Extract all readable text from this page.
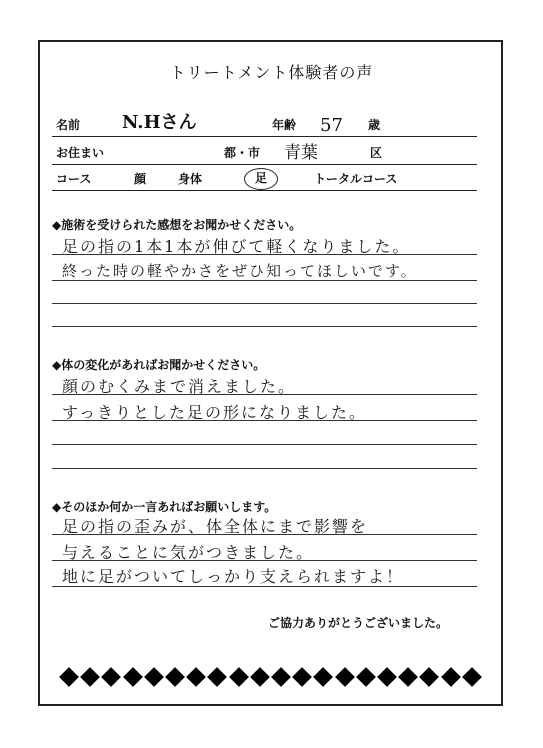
トリートメント体験者の声
名前 N.Hさん	年齢 57 歳
お住まい	都・市 青葉	区
コース	顔	身体	足	トータルコース
◆施術を受けられた感想をお聞かせください。
足の指の1本1本が伸びて軽くなりました。
終った時の軽やかさをぜひ知ってほしいです。
◆体の変化があればお聞かせください。
顔のむくみまで消えました。
すっきりとした足の形になりました。
◆そのほか何か一言あればお願いします。
足の指の歪みが、体全体にまで影響を
与えることに気がつきました。
地に足がついてしっかり支えられますよ！
ご協力ありがとうございました。
